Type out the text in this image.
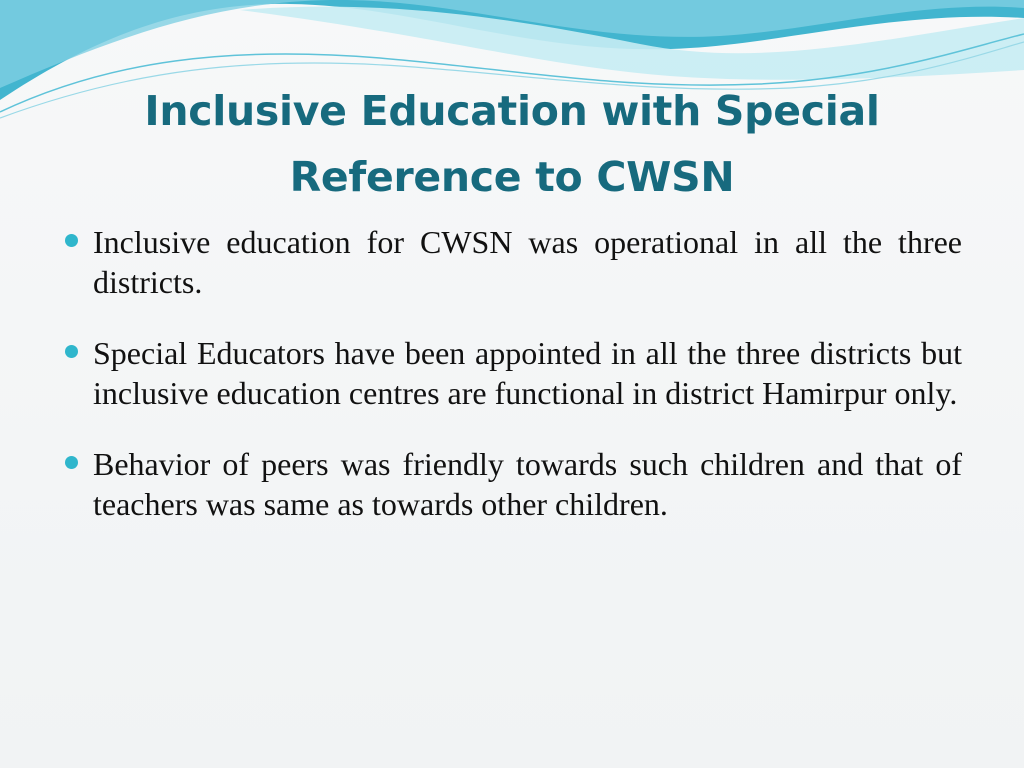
Inclusive Education with Special
Reference to CWSN
Inclusive education for CWSN was operational in all the three districts.
Special Educators have been appointed in all the three districts but inclusive education centres are functional in district Hamirpur only.
Behavior of peers was friendly towards such children and that of teachers was same as towards other children.
